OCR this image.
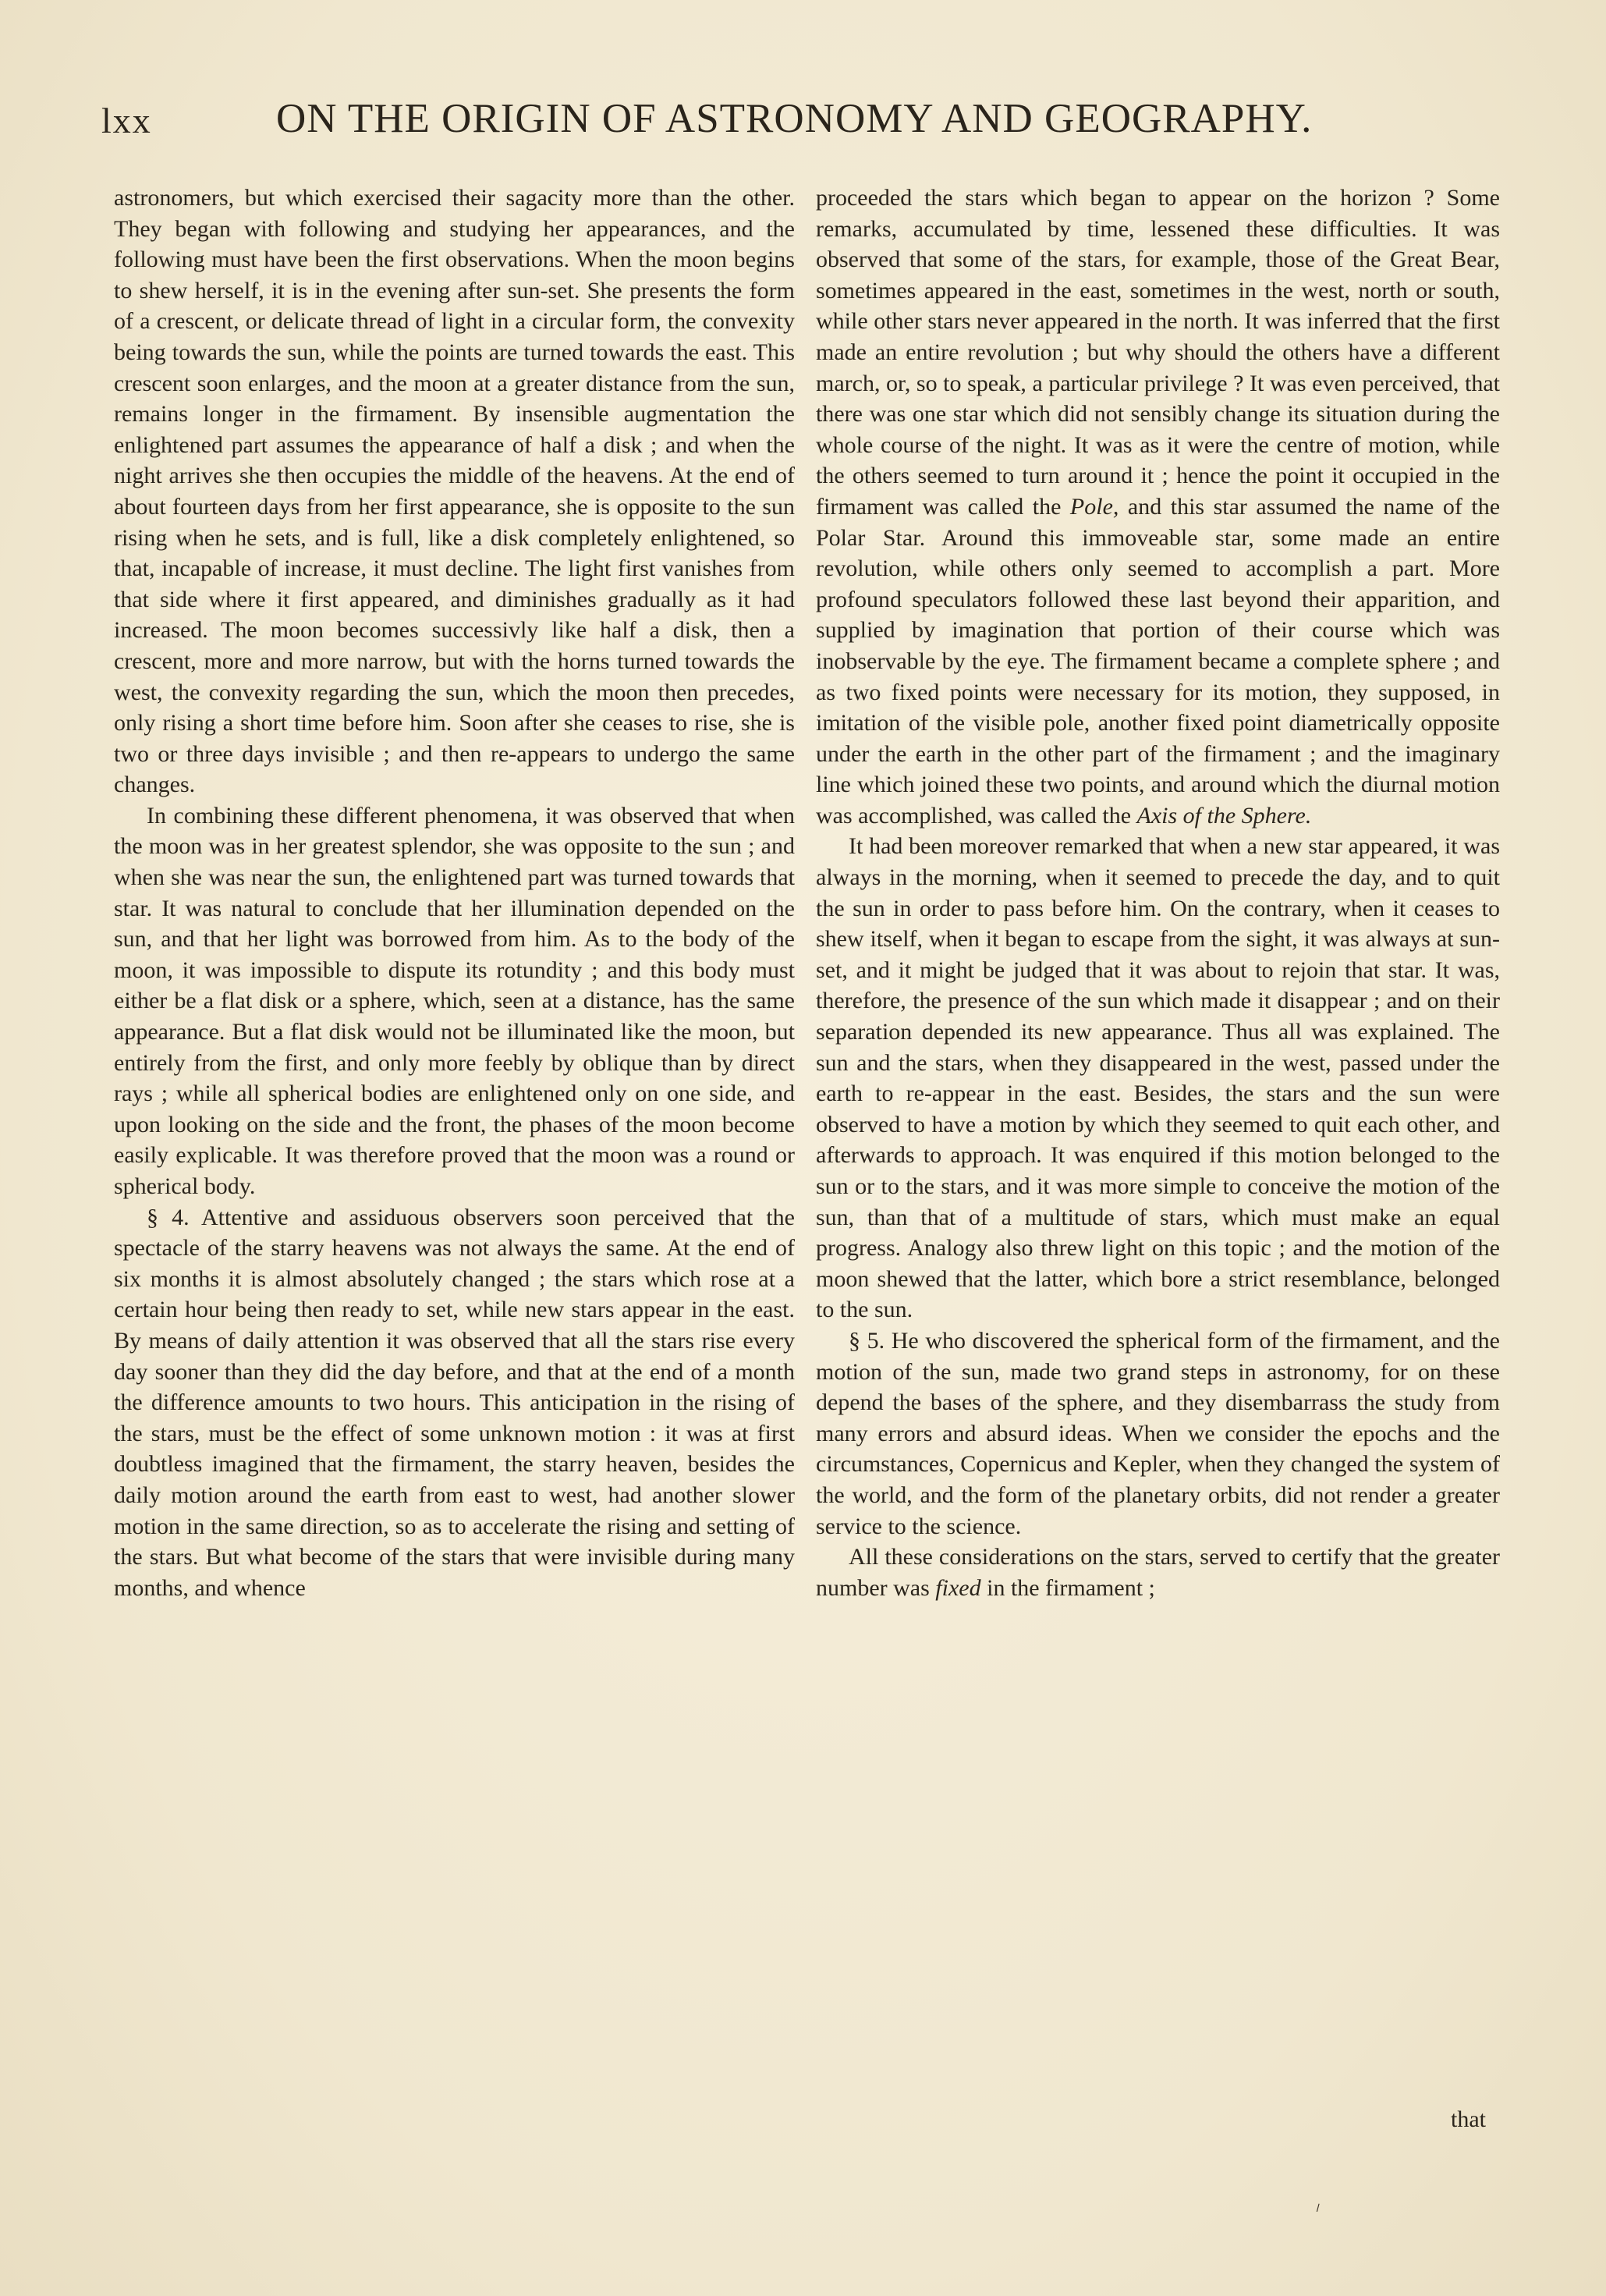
lxx	ON THE ORIGIN OF ASTRONOMY AND GEOGRAPHY.

astronomers, but which exercised their sagacity more than the other. They began with following and studying her appearances, and the following must have been the first observations. When the moon begins to shew herself, it is in the evening after sun-set. She presents the form of a crescent, or delicate thread of light in a circular form, the convexity being towards the sun, while the points are turned towards the east. This crescent soon enlarges, and the moon at a greater distance from the sun, remains longer in the firmament. By insensible augmentation the enlightened part assumes the appearance of half a disk ; and when the night arrives she then occupies the middle of the heavens. At the end of about fourteen days from her first appearance, she is opposite to the sun rising when he sets, and is full, like a disk completely enlightened, so that, incapable of increase, it must decline. The light first vanishes from that side where it first appeared, and diminishes gradually as it had increased. The moon becomes successivly like half a disk, then a crescent, more and more narrow, but with the horns turned towards the west, the convexity regarding the sun, which the moon then precedes, only rising a short time before him. Soon after she ceases to rise, she is two or three days invisible ; and then re-appears to undergo the same changes.

In combining these different phenomena, it was observed that when the moon was in her greatest splendor, she was opposite to the sun ; and when she was near the sun, the enlightened part was turned towards that star. It was natural to conclude that her illumination depended on the sun, and that her light was borrowed from him. As to the body of the moon, it was impossible to dispute its rotundity ; and this body must either be a flat disk or a sphere, which, seen at a distance, has the same appearance. But a flat disk would not be illuminated like the moon, but entirely from the first, and only more feebly by oblique than by direct rays ; while all spherical bodies are enlightened only on one side, and upon looking on the side and the front, the phases of the moon become easily explicable. It was therefore proved that the moon was a round or spherical body.

§ 4. Attentive and assiduous observers soon perceived that the spectacle of the starry heavens was not always the same. At the end of six months it is almost absolutely changed ; the stars which rose at a certain hour being then ready to set, while new stars appear in the east. By means of daily attention it was observed that all the stars rise every day sooner than they did the day before, and that at the end of a month the difference amounts to two hours. This anticipation in the rising of the stars, must be the effect of some unknown motion : it was at first doubtless imagined that the firmament, the starry heaven, besides the daily motion around the earth from east to west, had another slower motion in the same direction, so as to accelerate the rising and setting of the stars. But what become of the stars that were invisible during many months, and whence

proceeded the stars which began to appear on the horizon ? Some remarks, accumulated by time, lessened these difficulties. It was observed that some of the stars, for example, those of the Great Bear, sometimes appeared in the east, sometimes in the west, north or south, while other stars never appeared in the north. It was inferred that the first made an entire revolution ; but why should the others have a different march, or, so to speak, a particular privilege ? It was even perceived, that there was one star which did not sensibly change its situation during the whole course of the night. It was as it were the centre of motion, while the others seemed to turn around it ; hence the point it occupied in the firmament was called the Pole, and this star assumed the name of the Polar Star. Around this immoveable star, some made an entire revolution, while others only seemed to accomplish a part. More profound speculators followed these last beyond their apparition, and supplied by imagination that portion of their course which was inobservable by the eye. The firmament became a complete sphere ; and as two fixed points were necessary for its motion, they supposed, in imitation of the visible pole, another fixed point diametrically opposite under the earth in the other part of the firmament ; and the imaginary line which joined these two points, and around which the diurnal motion was accomplished, was called the Axis of the Sphere.

It had been moreover remarked that when a new star appeared, it was always in the morning, when it seemed to precede the day, and to quit the sun in order to pass before him. On the contrary, when it ceases to shew itself, when it began to escape from the sight, it was always at sun-set, and it might be judged that it was about to rejoin that star. It was, therefore, the presence of the sun which made it disappear ; and on their separation depended its new appearance. Thus all was explained. The sun and the stars, when they disappeared in the west, passed under the earth to re-appear in the east. Besides, the stars and the sun were observed to have a motion by which they seemed to quit each other, and afterwards to approach. It was enquired if this motion belonged to the sun or to the stars, and it was more simple to conceive the motion of the sun, than that of a multitude of stars, which must make an equal progress. Analogy also threw light on this topic ; and the motion of the moon shewed that the latter, which bore a strict resemblance, belonged to the sun.

§ 5. He who discovered the spherical form of the firmament, and the motion of the sun, made two grand steps in astronomy, for on these depend the bases of the sphere, and they disembarrass the study from many errors and absurd ideas. When we consider the epochs and the circumstances, Copernicus and Kepler, when they changed the system of the world, and the form of the planetary orbits, did not render a greater service to the science.

All these considerations on the stars, served to certify that the greater number was fixed in the firmament ;

that
⸍
